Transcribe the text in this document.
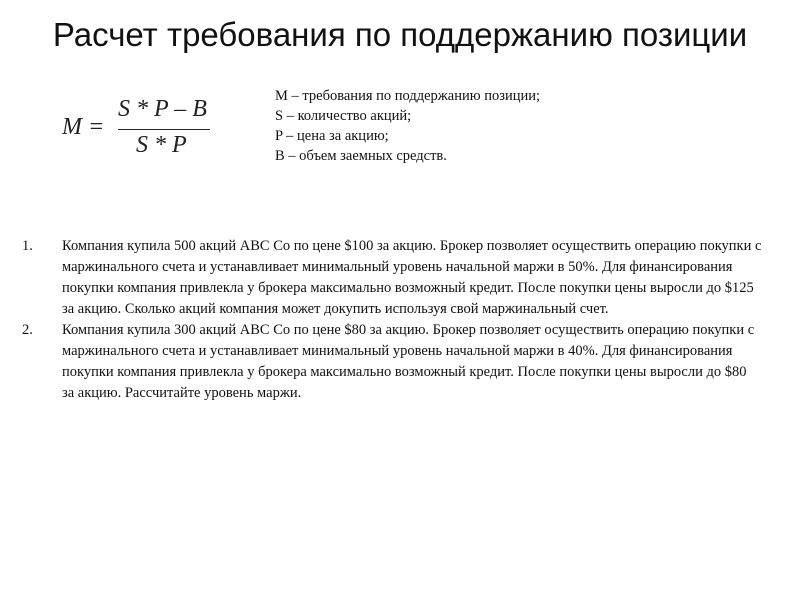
Расчет требования по поддержанию позиции
M =
S * P – B
S * P
M – требования по поддержанию позиции;
S – количество акций;
P – цена за акцию;
B – объем заемных средств.
1. Компания купила 500 акций ABC Co по цене $100 за акцию. Брокер позволяет осуществить операцию покупки с маржинального счета и устанавливает минимальный уровень начальной маржи в 50%. Для финансирования покупки компания привлекла у брокера максимально возможный кредит. После покупки цены выросли до $125 за акцию. Сколько акций компания может докупить используя свой маржинальный счет.
2. Компания купила 300 акций ABC Co по цене $80 за акцию. Брокер позволяет осуществить операцию покупки с маржинального счета и устанавливает минимальный уровень начальной маржи в 40%. Для финансирования покупки компания привлекла у брокера максимально возможный кредит. После покупки цены выросли до $80 за акцию. Рассчитайте уровень маржи.
